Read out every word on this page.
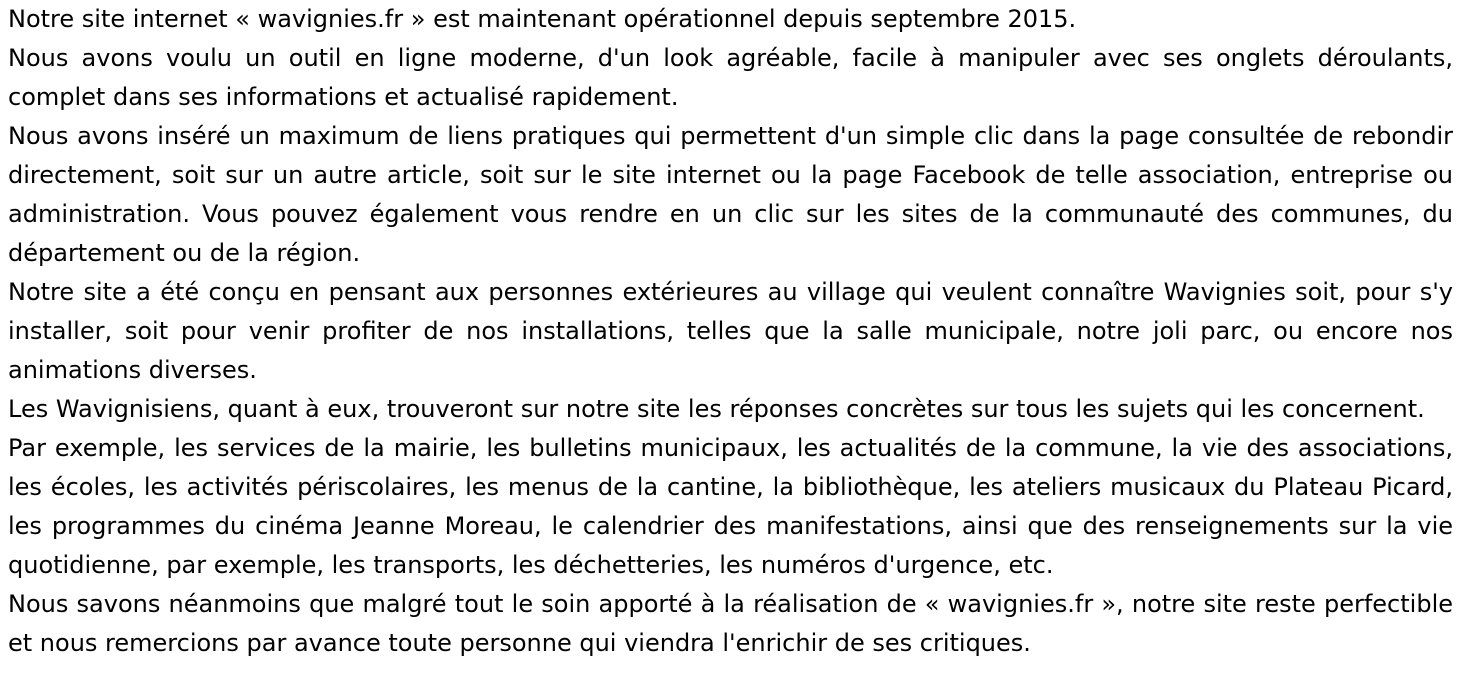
Notre site internet « wavignies.fr » est maintenant opérationnel depuis septembre 2015.

Nous avons voulu un outil en ligne moderne, d'un look agréable, facile à manipuler avec ses onglets déroulants, complet dans ses informations et actualisé rapidement.

Nous avons inséré un maximum de liens pratiques qui permettent d'un simple clic dans la page consultée de rebondir directement, soit sur un autre article, soit sur le site internet ou la page Facebook de telle association, entreprise ou administration. Vous pouvez également vous rendre en un clic sur les sites de la communauté des communes, du département ou de la région.

Notre site a été conçu en pensant aux personnes extérieures au village qui veulent connaître Wavignies soit, pour s'y installer, soit pour venir profiter de nos installations, telles que la salle municipale, notre joli parc, ou encore nos animations diverses.

Les Wavignisiens, quant à eux, trouveront sur notre site les réponses concrètes sur tous les sujets qui les concernent.

Par exemple, les services de la mairie, les bulletins municipaux, les actualités de la commune, la vie des associations, les écoles, les activités périscolaires, les menus de la cantine, la bibliothèque, les ateliers musicaux du Plateau Picard, les programmes du cinéma Jeanne Moreau, le calendrier des manifestations, ainsi que des renseignements sur la vie quotidienne, par exemple, les transports, les déchetteries, les numéros d'urgence, etc.

Nous savons néanmoins que malgré tout le soin apporté à la réalisation de « wavignies.fr », notre site reste perfectible et nous remercions par avance toute personne qui viendra l'enrichir de ses critiques.
